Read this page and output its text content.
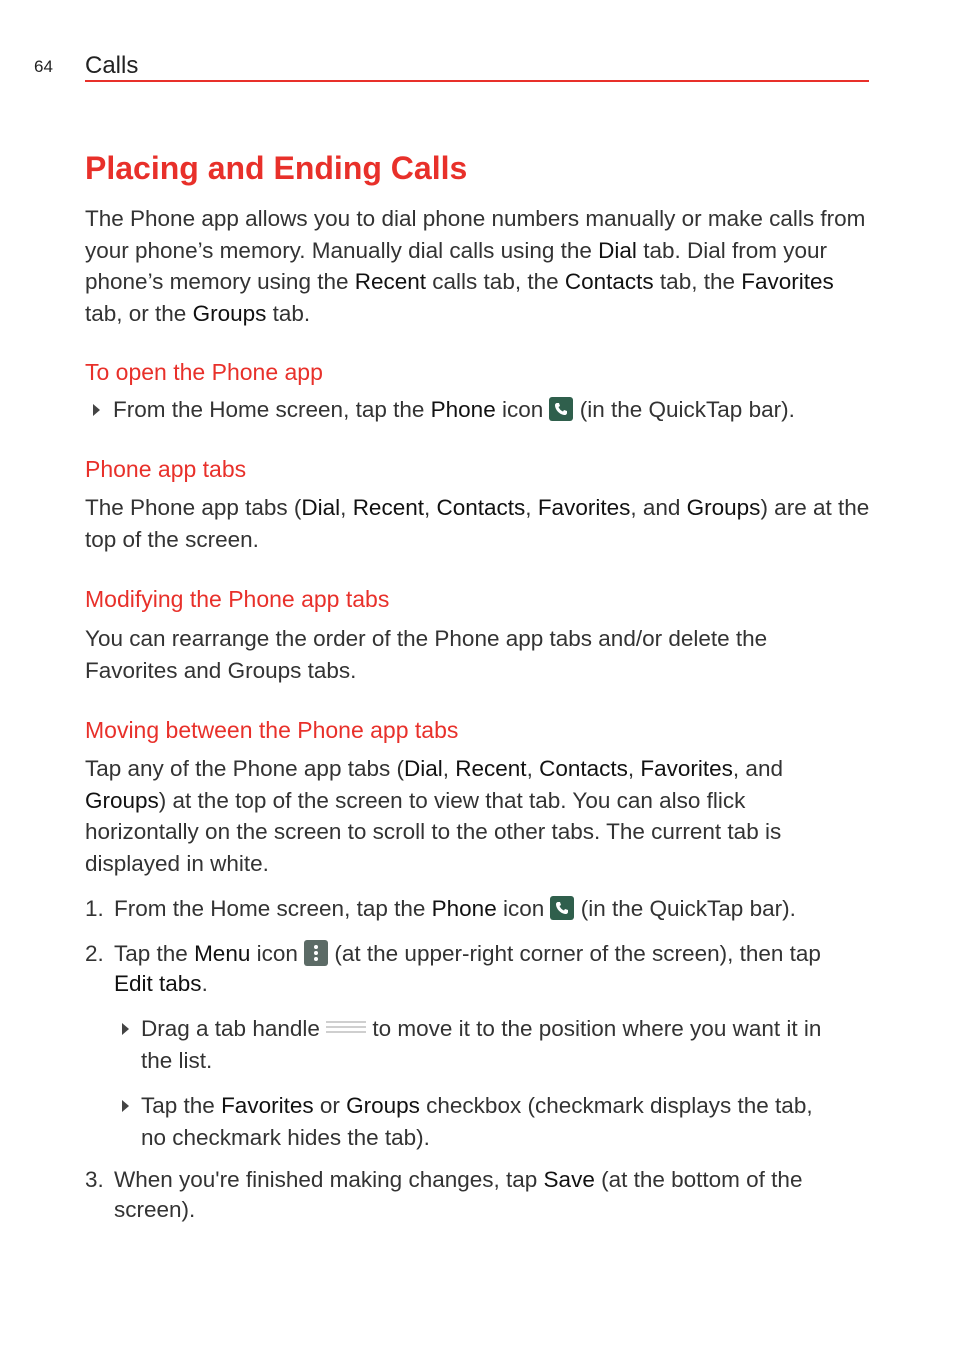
64 Calls
Placing and Ending Calls
The Phone app allows you to dial phone numbers manually or make calls from your phone’s memory. Manually dial calls using the Dial tab. Dial from your phone’s memory using the Recent calls tab, the Contacts tab, the Favorites tab, or the Groups tab.
To open the Phone app
From the Home screen, tap the Phone icon
(in the QuickTap bar).
Phone app tabs
The Phone app tabs (Dial, Recent, Contacts, Favorites, and Groups) are at the top of the screen.
Modifying the Phone app tabs
You can rearrange the order of the Phone app tabs and/or delete the Favorites and Groups tabs.
Moving between the Phone app tabs
Tap any of the Phone app tabs (Dial, Recent, Contacts, Favorites, and Groups) at the top of the screen to view that tab. You can also flick horizontally on the screen to scroll to the other tabs. The current tab is displayed in white.
1. From the Home screen, tap the Phone icon
(in the QuickTap bar).
2. Tap the Menu icon
(at the upper-right corner of the screen), then tap
Edit tabs.
Drag a tab handle
to move it to the position where you want it in
the list.
Tap the Favorites or Groups checkbox (checkmark displays the tab,
no checkmark hides the tab).
3. When you're finished making changes, tap Save (at the bottom of the
screen).
